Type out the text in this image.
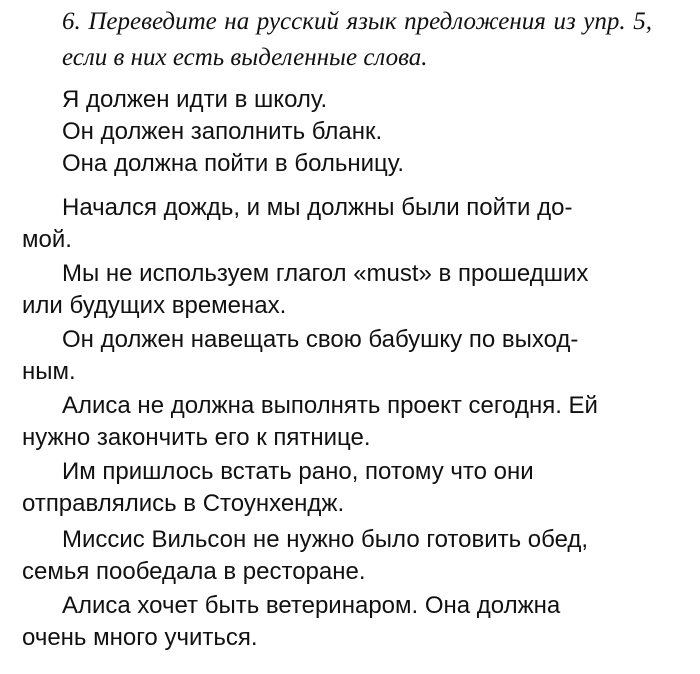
6. Переведите на русский язык предложения из упр. 5, если в них есть выделенные слова.
Я должен идти в школу.
Он должен заполнить бланк.
Она должна пойти в больницу.
Начался дождь, и мы должны были пойти до-
мой.
Мы не используем глагол «must» в прошедших
или будущих временах.
Он должен навещать свою бабушку по выход-
ным.
Алиса не должна выполнять проект сегодня. Ей
нужно закончить его к пятнице.
Им пришлось встать рано, потому что они
отправлялись в Стоунхендж.
Миссис Вильсон не нужно было готовить обед,
семья пообедала в ресторане.
Алиса хочет быть ветеринаром. Она должна
очень много учиться.
